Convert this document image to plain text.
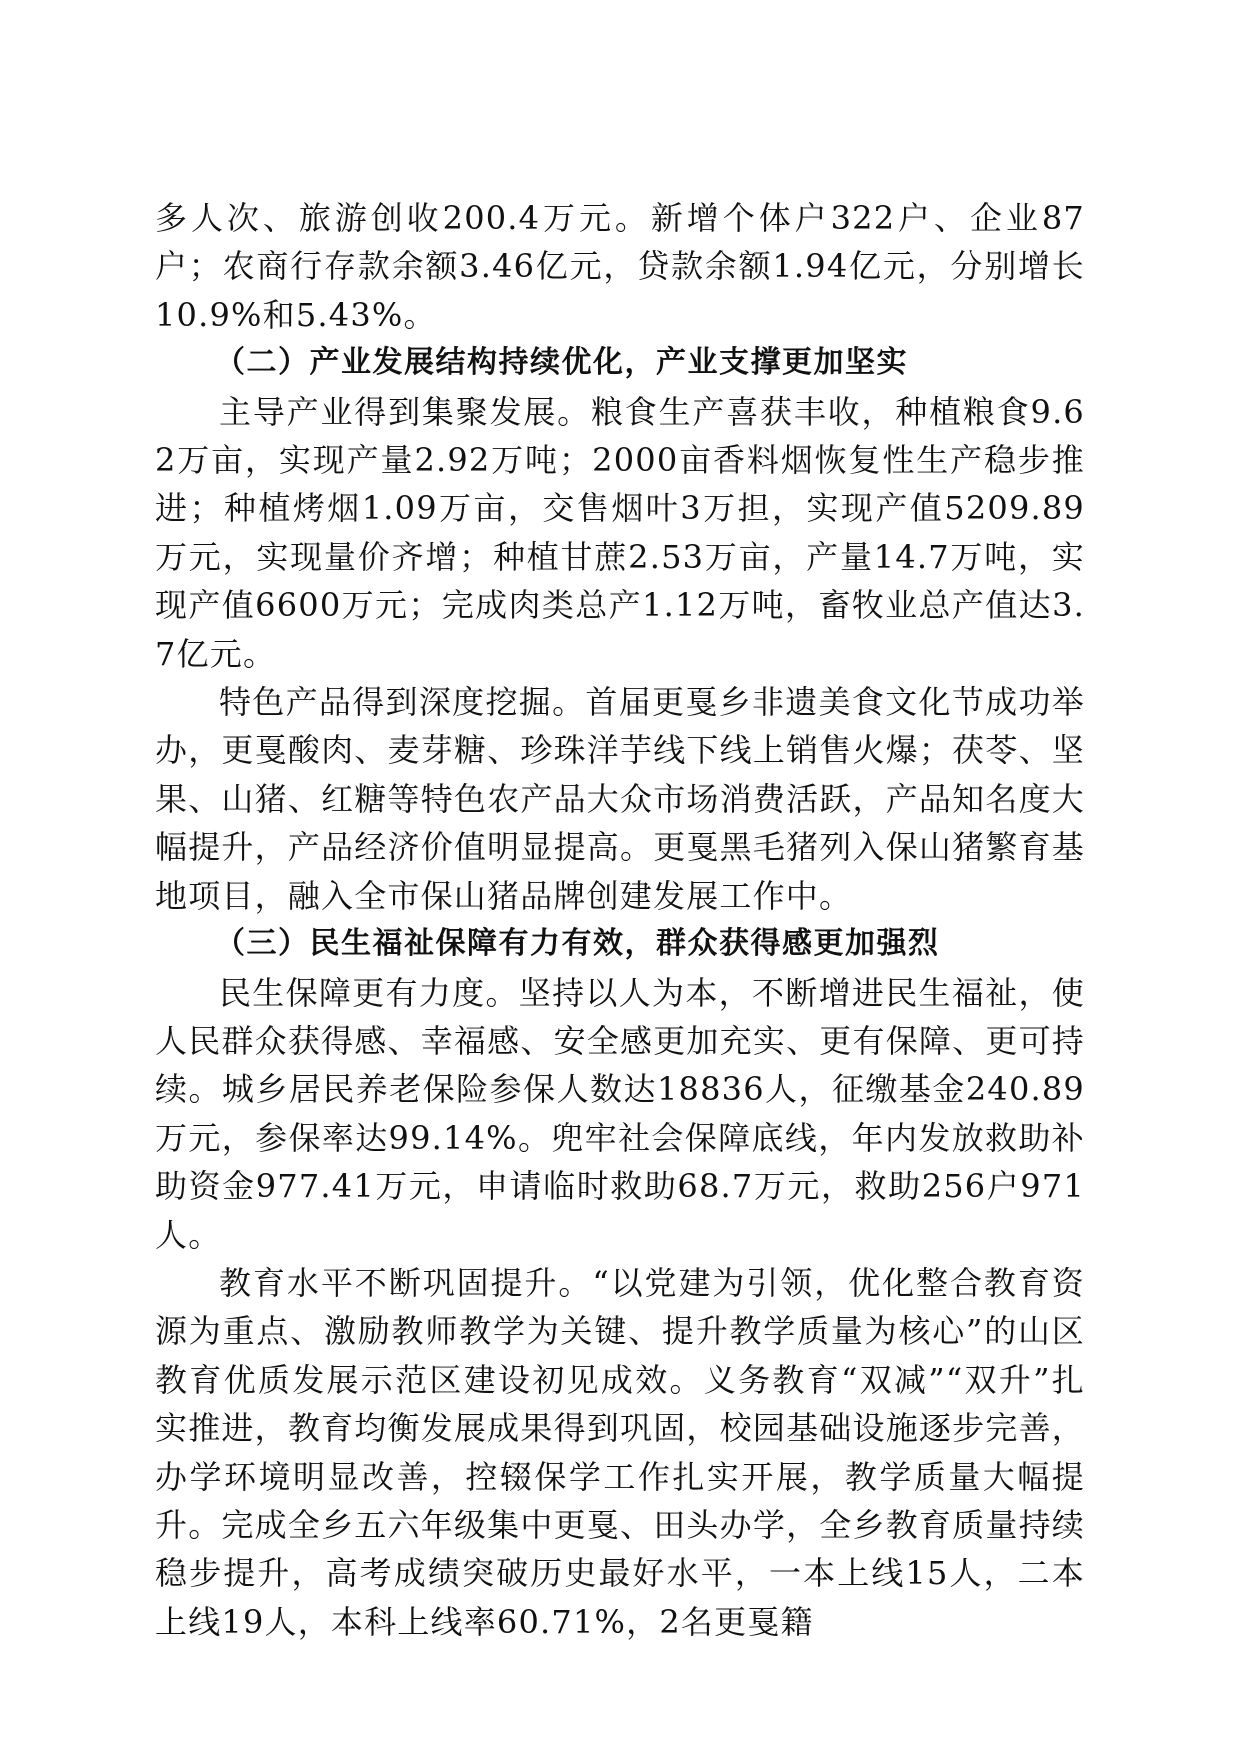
多人次、旅游创收200.4万元。新增个体户322户、企业87户；农商行存款余额3.46亿元，贷款余额1.94亿元，分别增长10.9%和5.43%。

（二）产业发展结构持续优化，产业支撑更加坚实

主导产业得到集聚发展。粮食生产喜获丰收，种植粮食9.62万亩，实现产量2.92万吨；2000亩香料烟恢复性生产稳步推进；种植烤烟1.09万亩，交售烟叶3万担，实现产值5209.89万元，实现量价齐增；种植甘蔗2.53万亩，产量14.7万吨，实现产值6600万元；完成肉类总产1.12万吨，畜牧业总产值达3.7亿元。

特色产品得到深度挖掘。首届更戛乡非遗美食文化节成功举办，更戛酸肉、麦芽糖、珍珠洋芋线下线上销售火爆；茯苓、坚果、山猪、红糖等特色农产品大众市场消费活跃，产品知名度大幅提升，产品经济价值明显提高。更戛黑毛猪列入保山猪繁育基地项目，融入全市保山猪品牌创建发展工作中。

（三）民生福祉保障有力有效，群众获得感更加强烈

民生保障更有力度。坚持以人为本，不断增进民生福祉，使人民群众获得感、幸福感、安全感更加充实、更有保障、更可持续。城乡居民养老保险参保人数达18836人，征缴基金240.89万元，参保率达99.14%。兜牢社会保障底线，年内发放救助补助资金977.41万元，申请临时救助68.7万元，救助256户971人。

教育水平不断巩固提升。“以党建为引领，优化整合教育资源为重点、激励教师教学为关键、提升教学质量为核心”的山区教育优质发展示范区建设初见成效。义务教育“双减”“双升”扎实推进，教育均衡发展成果得到巩固，校园基础设施逐步完善，办学环境明显改善，控辍保学工作扎实开展，教学质量大幅提升。完成全乡五六年级集中更戛、田头办学，全乡教育质量持续稳步提升，高考成绩突破历史最好水平，一本上线15人，二本上线19人，本科上线率60.71%，2名更戛籍
